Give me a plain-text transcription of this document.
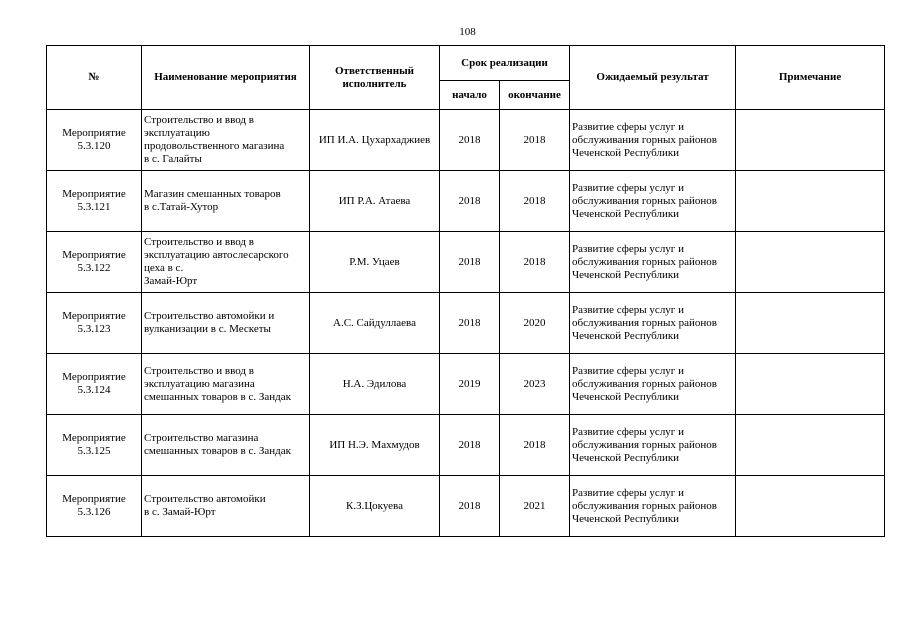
108
№	Наименование мероприятия	Ответственный исполнитель	Срок реализации		Ожидаемый результат	Примечание
			начало	окончание		
Мероприятие
5.3.120	Строительство и ввод в
эксплуатацию
продовольственного магазина
в с. Галайты	ИП И.А. Цухархаджиев	2018	2018	Развитие сферы услуг и
обслуживания горных районов
Чеченской Республики	
Мероприятие
5.3.121	Магазин смешанных товаров
в с.Татай-Хутор	ИП Р.А. Атаева	2018	2018	Развитие сферы услуг и
обслуживания горных районов
Чеченской Республики	
Мероприятие
5.3.122	Строительство и ввод в
эксплуатацию автослесарского
цеха в с.
Замай-Юрт	Р.М. Уцаев	2018	2018	Развитие сферы услуг и
обслуживания горных районов
Чеченской Республики	
Мероприятие
5.3.123	Строительство автомойки и
вулканизации в с. Мескеты	А.С. Сайдуллаева	2018	2020	Развитие сферы услуг и
обслуживания горных районов
Чеченской Республики	
Мероприятие
5.3.124	Строительство и ввод в
эксплуатацию магазина
смешанных товаров в с. Зандак	Н.А. Эдилова	2019	2023	Развитие сферы услуг и
обслуживания горных районов
Чеченской Республики	
Мероприятие
5.3.125	Строительство магазина
смешанных товаров в с. Зандак	ИП Н.Э. Махмудов	2018	2018	Развитие сферы услуг и
обслуживания горных районов
Чеченской Республики	
Мероприятие
5.3.126	Строительство автомойки
в с. Замай-Юрт	К.З.Цокуева	2018	2021	Развитие сферы услуг и
обслуживания горных районов
Чеченской Республики	
